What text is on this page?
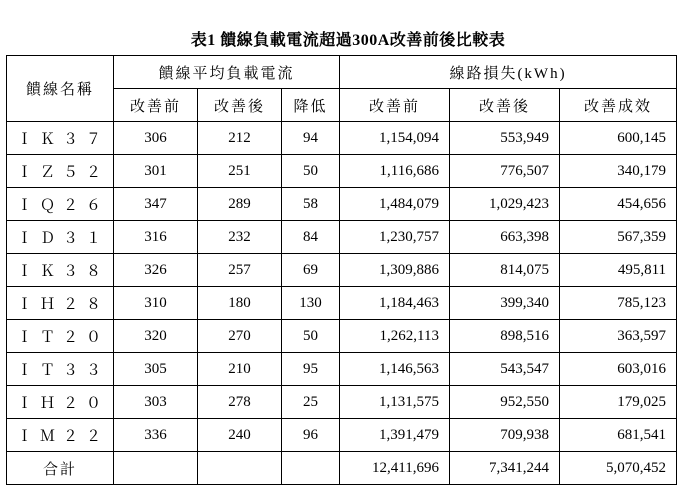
表1 饋線負載電流超過300A改善前後比較表
饋線名稱	饋線平均負載電流			線路損失(kWh)		
	改善前	改善後	降低	改善前	改善後	改善成效
ＩＫ３７	306	212	94	1,154,094	553,949	600,145
ＩＺ５２	301	251	50	1,116,686	776,507	340,179
ＩＱ２６	347	289	58	1,484,079	1,029,423	454,656
ＩＤ３１	316	232	84	1,230,757	663,398	567,359
ＩＫ３８	326	257	69	1,309,886	814,075	495,811
ＩＨ２８	310	180	130	1,184,463	399,340	785,123
ＩＴ２０	320	270	50	1,262,113	898,516	363,597
ＩＴ３３	305	210	95	1,146,563	543,547	603,016
ＩＨ２０	303	278	25	1,131,575	952,550	179,025
ＩＭ２２	336	240	96	1,391,479	709,938	681,541
合計				12,411,696	7,341,244	5,070,452
